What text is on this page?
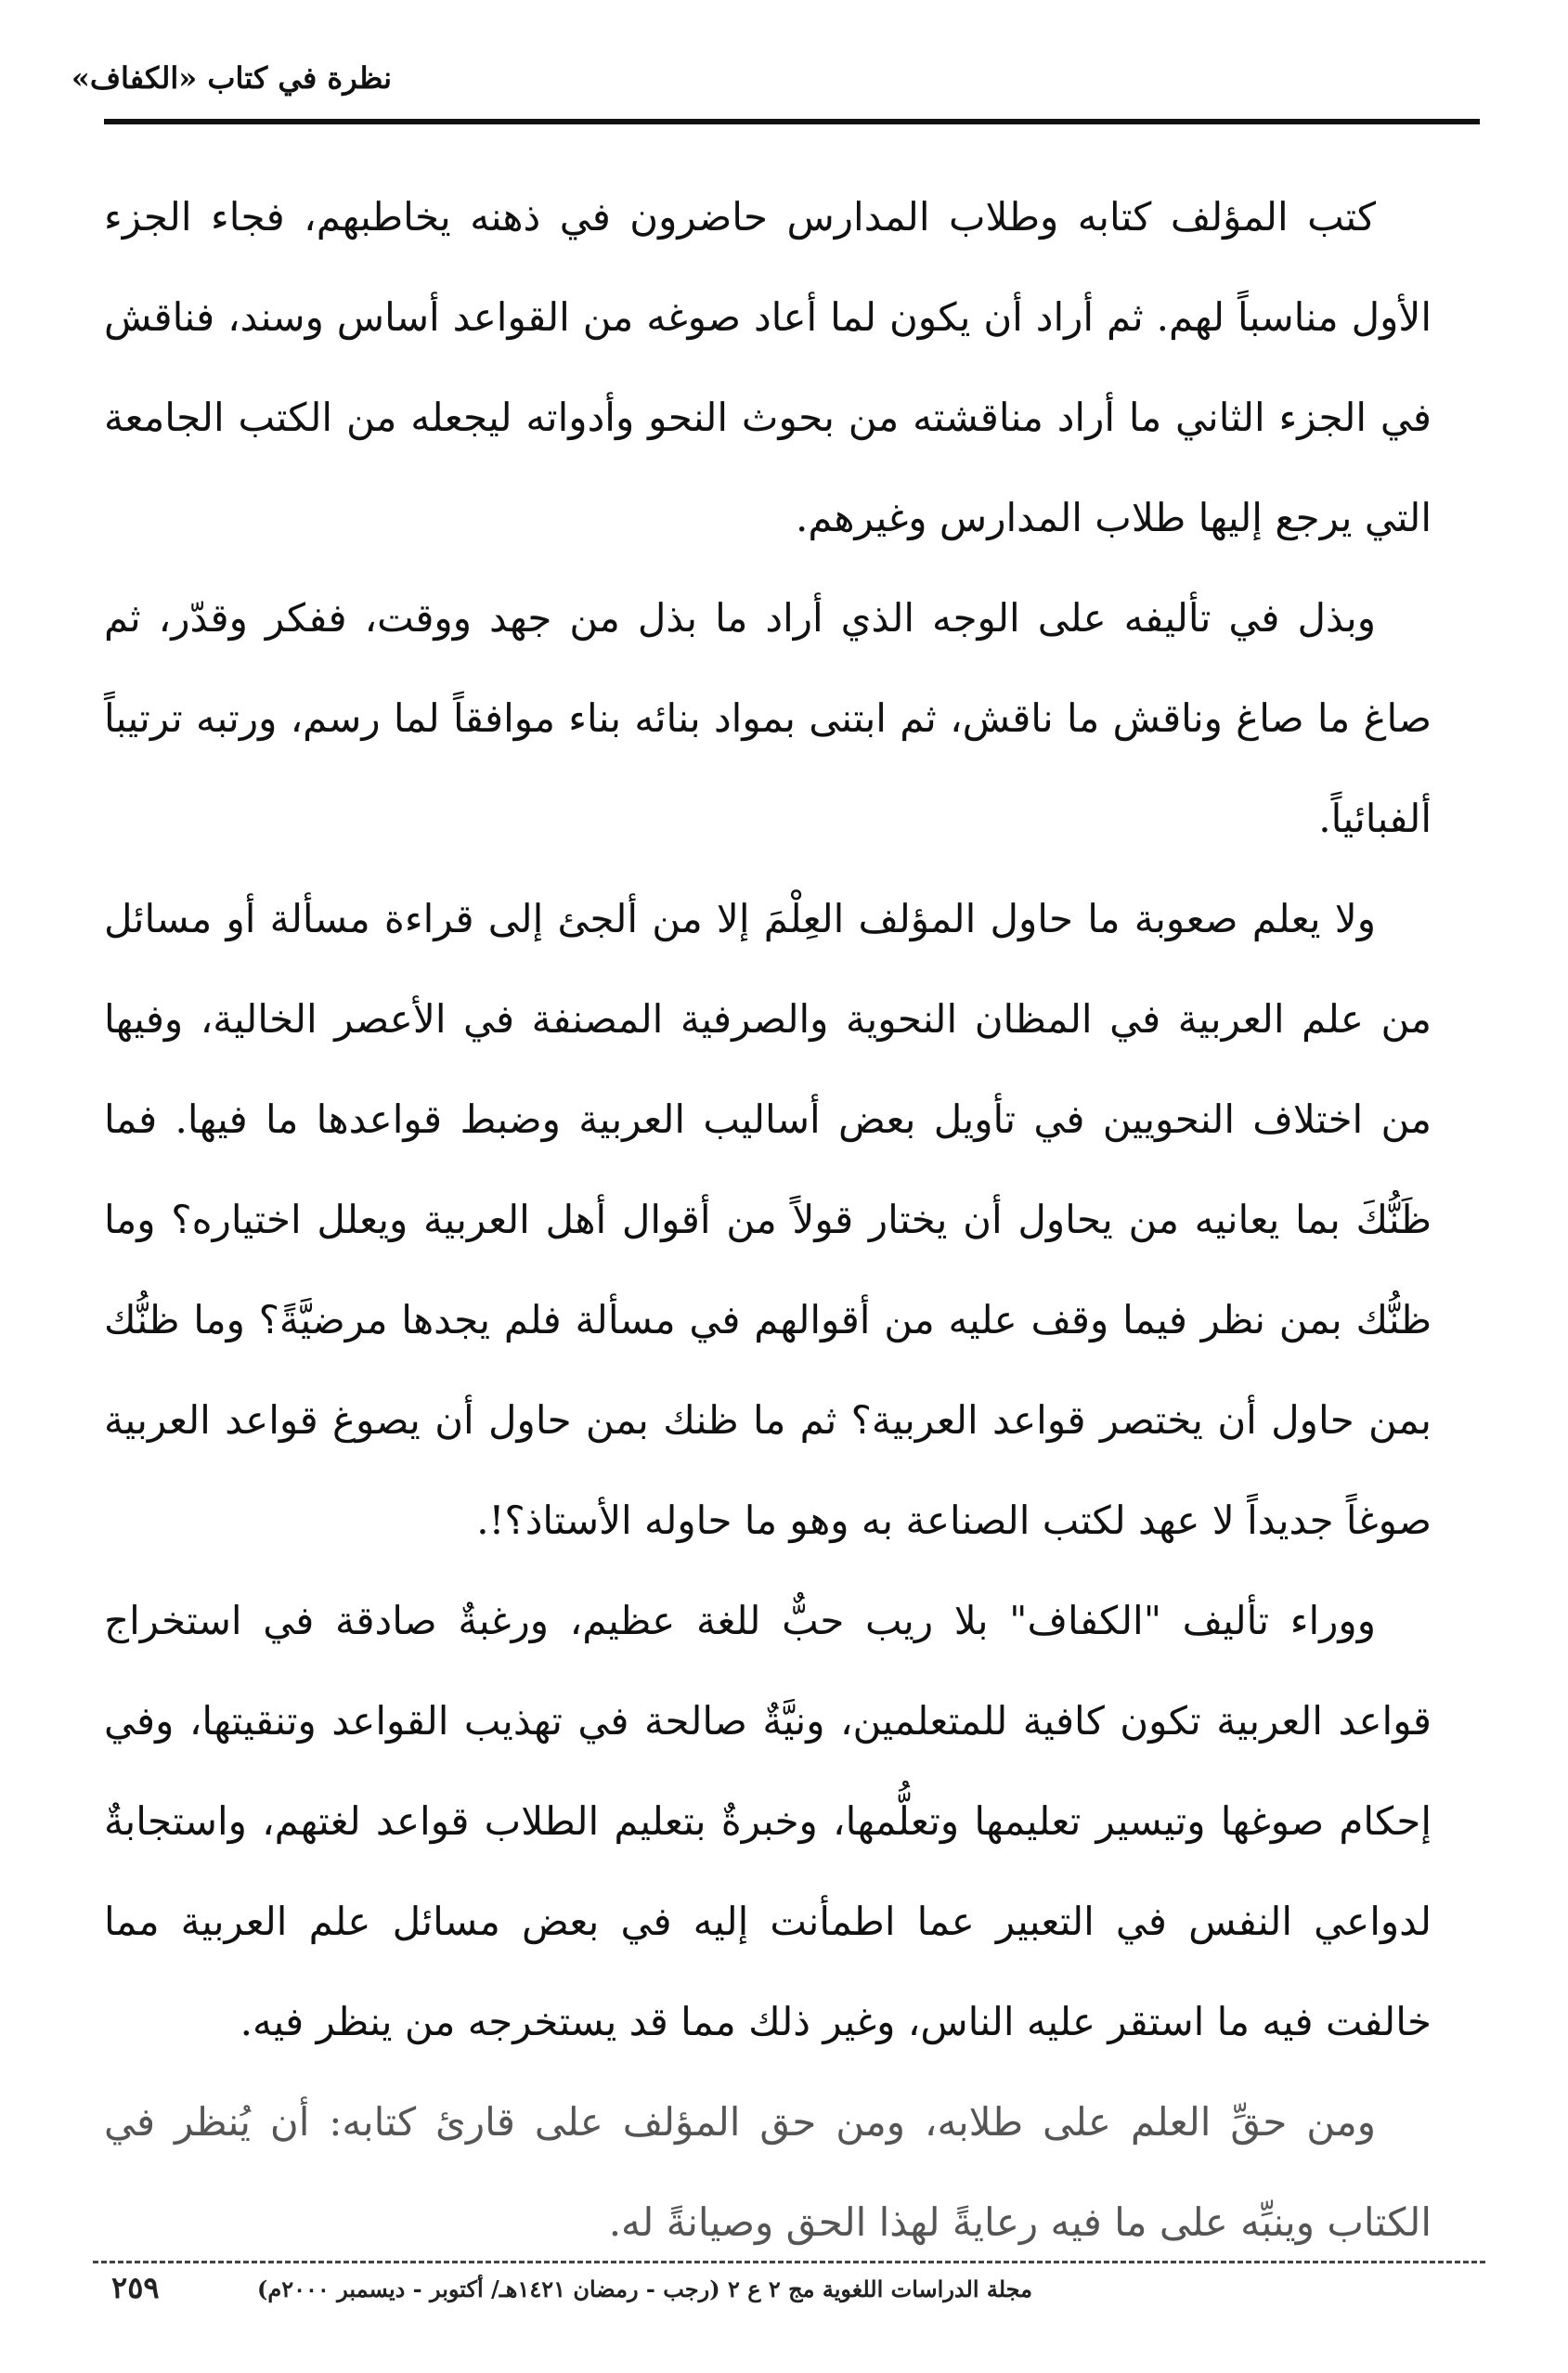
نظرة في كتاب «الكفاف»

كتب المؤلف كتابه وطلاب المدارس حاضرون في ذهنه يخاطبهم، فجاء الجزء الأول مناسباً لهم. ثم أراد أن يكون لما أعاد صوغه من القواعد أساس وسند، فناقش في الجزء الثاني ما أراد مناقشته من بحوث النحو وأدواته ليجعله من الكتب الجامعة التي يرجع إليها طلاب المدارس وغيرهم.

وبذل في تأليفه على الوجه الذي أراد ما بذل من جهد ووقت، ففكر وقدّر، ثم صاغ ما صاغ وناقش ما ناقش، ثم ابتنى بمواد بنائه بناء موافقاً لما رسم، ورتبه ترتيباً ألفبائياً.

ولا يعلم صعوبة ما حاول المؤلف العِلْمَ إلا من ألجئ إلى قراءة مسألة أو مسائل من علم العربية في المظان النحوية والصرفية المصنفة في الأعصر الخالية، وفيها من اختلاف النحويين في تأويل بعض أساليب العربية وضبط قواعدها ما فيها. فما ظَنُّكَ بما يعانيه من يحاول أن يختار قولاً من أقوال أهل العربية ويعلل اختياره؟ وما ظنُّك بمن نظر فيما وقف عليه من أقوالهم في مسألة فلم يجدها مرضيَّةً؟ وما ظنُّك بمن حاول أن يختصر قواعد العربية؟ ثم ما ظنك بمن حاول أن يصوغ قواعد العربية صوغاً جديداً لا عهد لكتب الصناعة به وهو ما حاوله الأستاذ؟!.

ووراء تأليف "الكفاف" بلا ريب حبٌّ للغة عظيم، ورغبةٌ صادقة في استخراج قواعد العربية تكون كافية للمتعلمين، ونيَّةٌ صالحة في تهذيب القواعد وتنقيتها، وفي إحكام صوغها وتيسير تعليمها وتعلُّمها، وخبرةٌ بتعليم الطلاب قواعد لغتهم، واستجابةٌ لدواعي النفس في التعبير عما اطمأنت إليه في بعض مسائل علم العربية مما خالفت فيه ما استقر عليه الناس، وغير ذلك مما قد يستخرجه من ينظر فيه.

ومن حقِّ العلم على طلابه، ومن حق المؤلف على قارئ كتابه: أن يُنظر في الكتاب وينبِّه على ما فيه رعايةً لهذا الحق وصيانةً له.

مجلة الدراسات اللغوية مج ٢ ع ٢ (رجب - رمضان ١٤٢١هـ/ أكتوبر - ديسمبر ٢٠٠٠م)
٢٥٩
